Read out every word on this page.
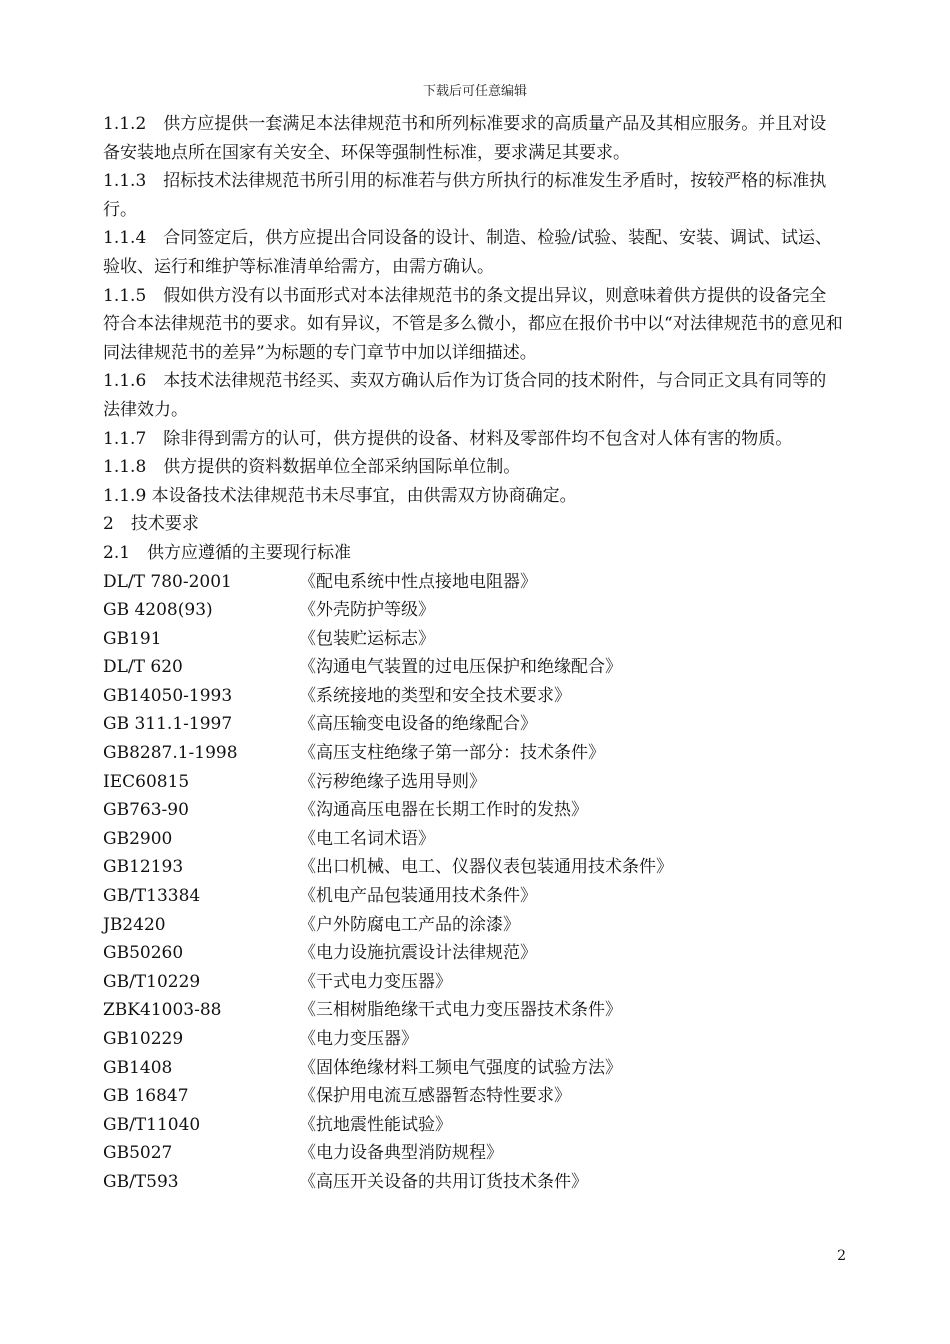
下载后可任意编辑

1.1.2　供方应提供一套满足本法律规范书和所列标准要求的高质量产品及其相应服务。并且对设备安装地点所在国家有关安全、环保等强制性标准，要求满足其要求。

1.1.3　招标技术法律规范书所引用的标准若与供方所执行的标准发生矛盾时，按较严格的标准执行。

1.1.4　合同签定后，供方应提出合同设备的设计、制造、检验/试验、装配、安装、调试、试运、验收、运行和维护等标准清单给需方，由需方确认。

1.1.5　假如供方没有以书面形式对本法律规范书的条文提出异议，则意味着供方提供的设备完全符合本法律规范书的要求。如有异议，不管是多么微小，都应在报价书中以“对法律规范书的意见和同法律规范书的差异”为标题的专门章节中加以详细描述。

1.1.6　本技术法律规范书经买、卖双方确认后作为订货合同的技术附件，与合同正文具有同等的法律效力。

1.1.7　除非得到需方的认可，供方提供的设备、材料及零部件均不包含对人体有害的物质。

1.1.8　供方提供的资料数据单位全部采纳国际单位制。

1.1.9 本设备技术法律规范书未尽事宜，由供需双方协商确定。

2　技术要求

2.1　供方应遵循的主要现行标准

DL/T 780-2001	《配电系统中性点接地电阻器》
GB 4208(93)	《外壳防护等级》
GB191	《包装贮运标志》
DL/T 620	《沟通电气装置的过电压保护和绝缘配合》
GB14050-1993	《系统接地的类型和安全技术要求》
GB 311.1-1997	《高压输变电设备的绝缘配合》
GB8287.1-1998	《高压支柱绝缘子第一部分：技术条件》
IEC60815	《污秽绝缘子选用导则》
GB763-90	《沟通高压电器在长期工作时的发热》
GB2900	《电工名词术语》
GB12193	《出口机械、电工、仪器仪表包装通用技术条件》
GB/T13384	《机电产品包装通用技术条件》
JB2420	《户外防腐电工产品的涂漆》
GB50260	《电力设施抗震设计法律规范》
GB/T10229	《干式电力变压器》
ZBK41003-88	《三相树脂绝缘干式电力变压器技术条件》
GB10229	《电力变压器》
GB1408	《固体绝缘材料工频电气强度的试验方法》
GB 16847	《保护用电流互感器暂态特性要求》
GB/T11040	《抗地震性能试验》
GB5027	《电力设备典型消防规程》
GB/T593	《高压开关设备的共用订货技术条件》
2
